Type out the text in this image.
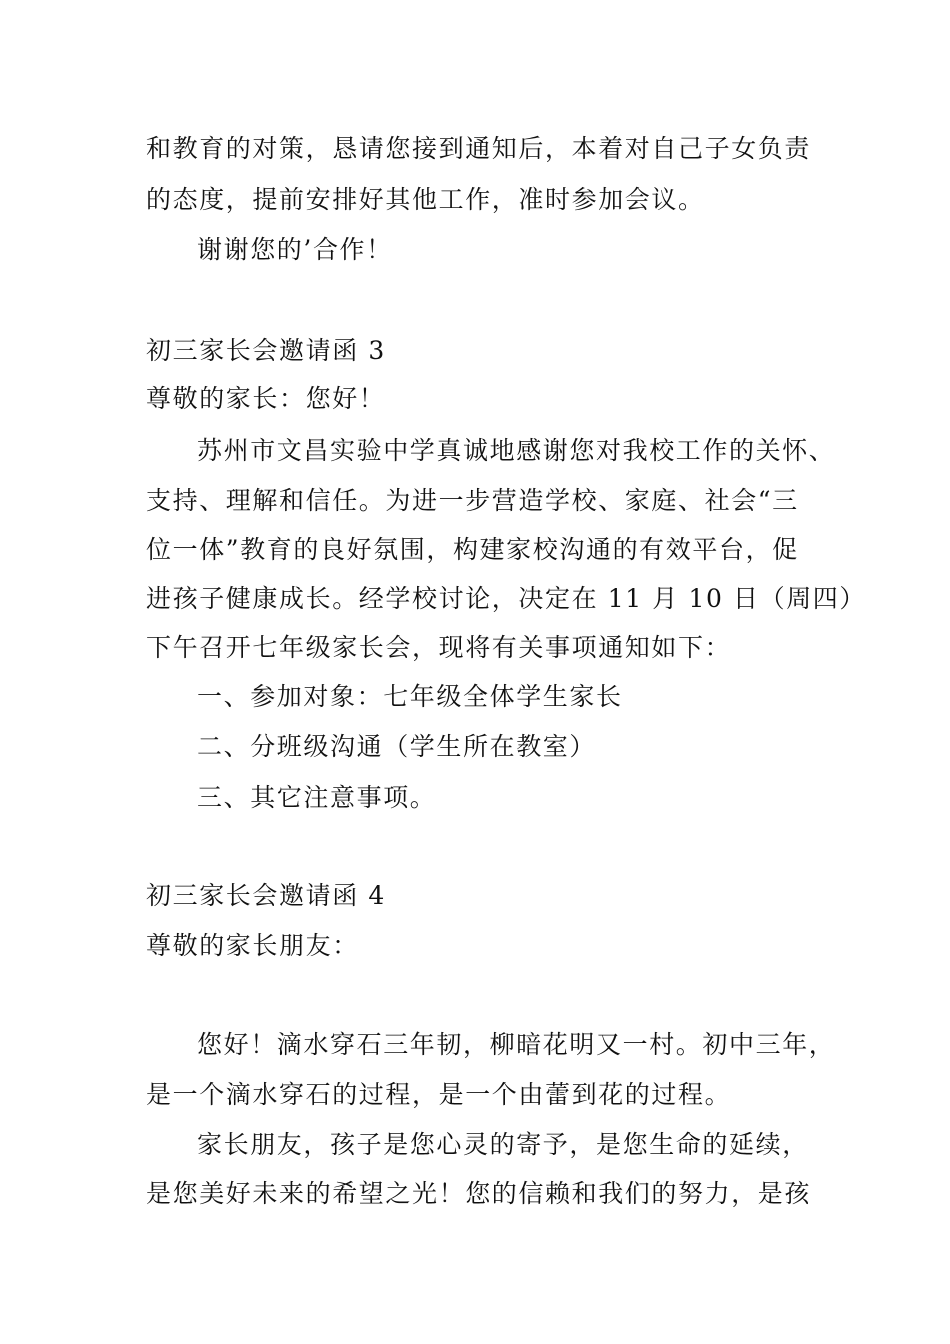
和教育的对策，恳请您接到通知后，本着对自己子女负责
的态度，提前安排好其他工作，准时参加会议。
谢谢您的’合作！
初三家长会邀请函 3
尊敬的家长：您好！
苏州市文昌实验中学真诚地感谢您对我校工作的关怀、
支持、理解和信任。为进一步营造学校、家庭、社会“三
位一体”教育的良好氛围，构建家校沟通的有效平台，促
进孩子健康成长。经学校讨论，决定在 11 月 10 日（周四）
下午召开七年级家长会，现将有关事项通知如下：
一、参加对象：七年级全体学生家长
二、分班级沟通（学生所在教室）
三、其它注意事项。
初三家长会邀请函 4
尊敬的家长朋友：
您好！滴水穿石三年韧，柳暗花明又一村。初中三年，
是一个滴水穿石的过程，是一个由蕾到花的过程。
家长朋友，孩子是您心灵的寄予，是您生命的延续，
是您美好未来的希望之光！您的信赖和我们的努力，是孩
